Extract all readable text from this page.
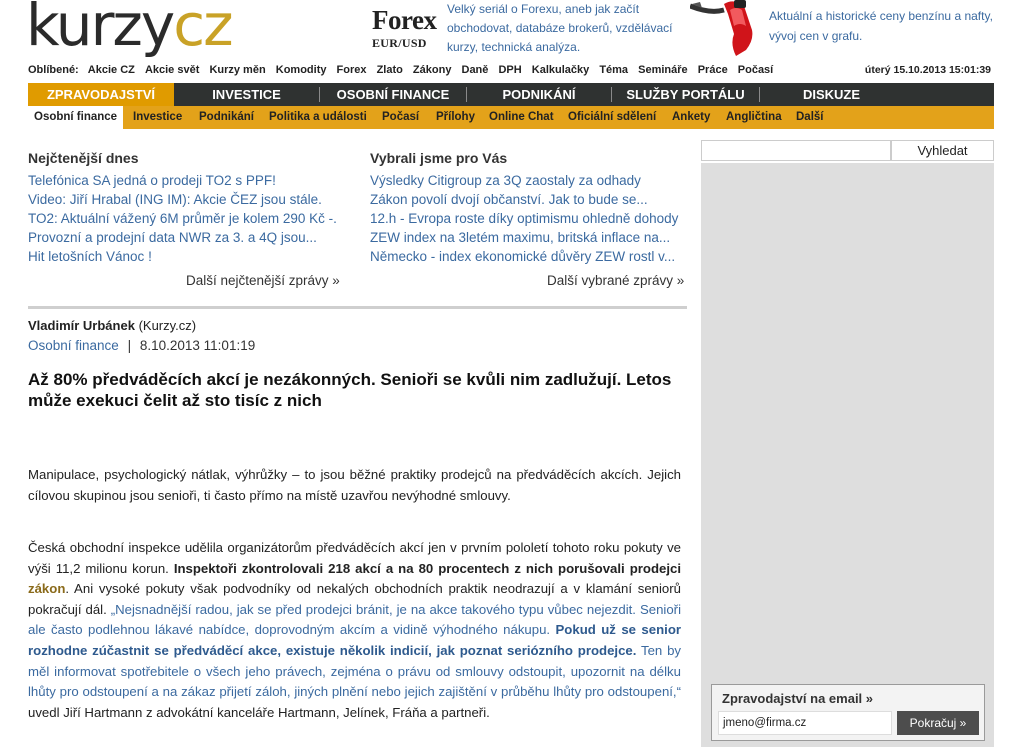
kurzycz	Forex
EUR/USD
Velký seriál o Forexu, aneb jak začít obchodovat, databáze brokerů, vzdělávací kurzy, technická analýza.
Aktuální a historické ceny benzínu a nafty, vývoj cen v grafu.
Oblíbené: Akcie CZ Akcie svět Kurzy měn Komodity Forex Zlato Zákony Daně DPH Kalkulačky Téma Semináře Práce Počasí	úterý 15.10.2013 15:01:39
ZPRAVODAJSTVÍ	INVESTICE	OSOBNÍ FINANCE	PODNIKÁNÍ	SLUŽBY PORTÁLU	DISKUZE
Osobní finance	Investice Podnikání Politika a události Počasí Přílohy Online Chat Oficiální sdělení Ankety Angličtina Další
Nejčtenější dnes
Telefónica SA jedná o prodeji TO2 s PPF!
Video: Jiří Hrabal (ING IM): Akcie ČEZ jsou stále.
TO2: Aktuální vážený 6M průměr je kolem 290 Kč -.
Provozní a prodejní data NWR za 3. a 4Q jsou...
Hit letošních Vánoc !
Další nejčtenější zprávy »
Vybrali jsme pro Vás
Výsledky Citigroup za 3Q zaostaly za odhady
Zákon povolí dvojí občanství. Jak to bude se...
12.h - Evropa roste díky optimismu ohledně dohody
ZEW index na 3letém maximu, britská inflace na...
Německo - index ekonomické důvěry ZEW rostl v...
Další vybrané zprávy »
Vladimír Urbánek (Kurzy.cz)
Osobní finance | 8.10.2013 11:01:19
Až 80% předváděcích akcí je nezákonných. Senioři se kvůli nim zadlužují. Letos může exekuci čelit až sto tisíc z nich

Manipulace, psychologický nátlak, výhrůžky – to jsou běžné praktiky prodejců na předváděcích akcích. Jejich cílovou skupinou jsou senioři, ti často přímo na místě uzavřou nevýhodné smlouvy.

Česká obchodní inspekce udělila organizátorům předváděcích akcí jen v prvním pololetí tohoto roku pokuty ve výši 11,2 milionu korun. Inspektoři zkontrolovali 218 akcí a na 80 procentech z nich porušovali prodejci zákon. Ani vysoké pokuty však podvodníky od nekalých obchodních praktik neodrazují a v klamání seniorů pokračují dál. „Nejsnadnější radou, jak se před prodejci bránit, je na akce takového typu vůbec nejezdit. Senioři ale často podlehnou lákavé nabídce, doprovodným akcím a vidině výhodného nákupu. Pokud už se senior rozhodne zúčastnit se předváděcí akce, existuje několik indicií, jak poznat seriózního prodejce. Ten by měl informovat spotřebitele o všech jeho právech, zejména o právu od smlouvy odstoupit, upozornit na délku lhůty pro odstoupení a na zákaz přijetí záloh, jiných plnění nebo jejich zajištění v průběhu lhůty pro odstoupení,“ uvedl Jiří Hartmann z advokátní kanceláře Hartmann, Jelínek, Fráňa a partneři.

Vyhledat
Zpravodajství na email »
jmeno@firma.cz	Pokračuj »
